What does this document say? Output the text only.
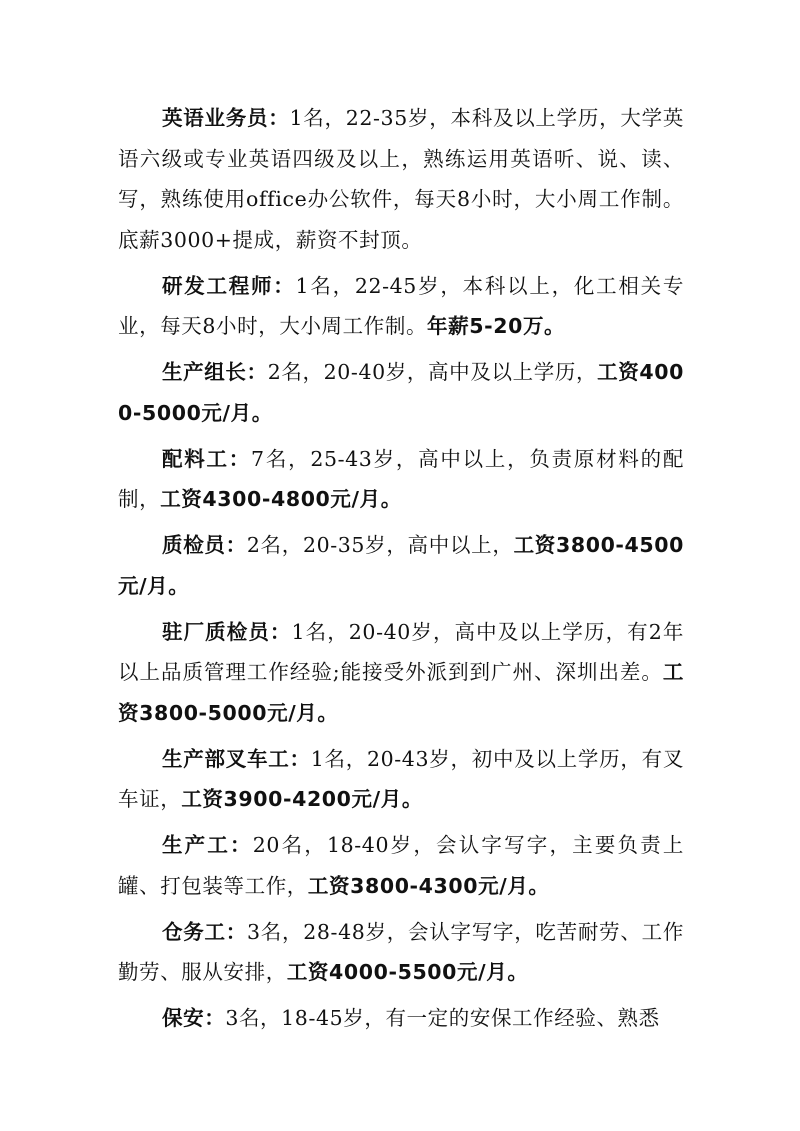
英语业务员：1名，22-35岁，本科及以上学历，大学英语六级或专业英语四级及以上，熟练运用英语听、说、读、写，熟练使用office办公软件，每天8小时，大小周工作制。底薪3000+提成，薪资不封顶。

研发工程师：1名，22-45岁，本科以上，化工相关专业，每天8小时，大小周工作制。年薪5-20万。

生产组长：2名，20-40岁，高中及以上学历，工资4000-5000元/月。

配料工：7名，25-43岁，高中以上，负责原材料的配制，工资4300-4800元/月。

质检员：2名，20-35岁，高中以上，工资3800-4500元/月。

驻厂质检员：1名，20-40岁，高中及以上学历，有2年以上品质管理工作经验;能接受外派到到广州、深圳出差。工资3800-5000元/月。

生产部叉车工：1名，20-43岁，初中及以上学历，有叉车证，工资3900-4200元/月。

生产工：20名，18-40岁，会认字写字，主要负责上罐、打包装等工作，工资3800-4300元/月。

仓务工：3名，28-48岁，会认字写字，吃苦耐劳、工作勤劳、服从安排，工资4000-5500元/月。

保安：3名，18-45岁，有一定的安保工作经验、熟悉
